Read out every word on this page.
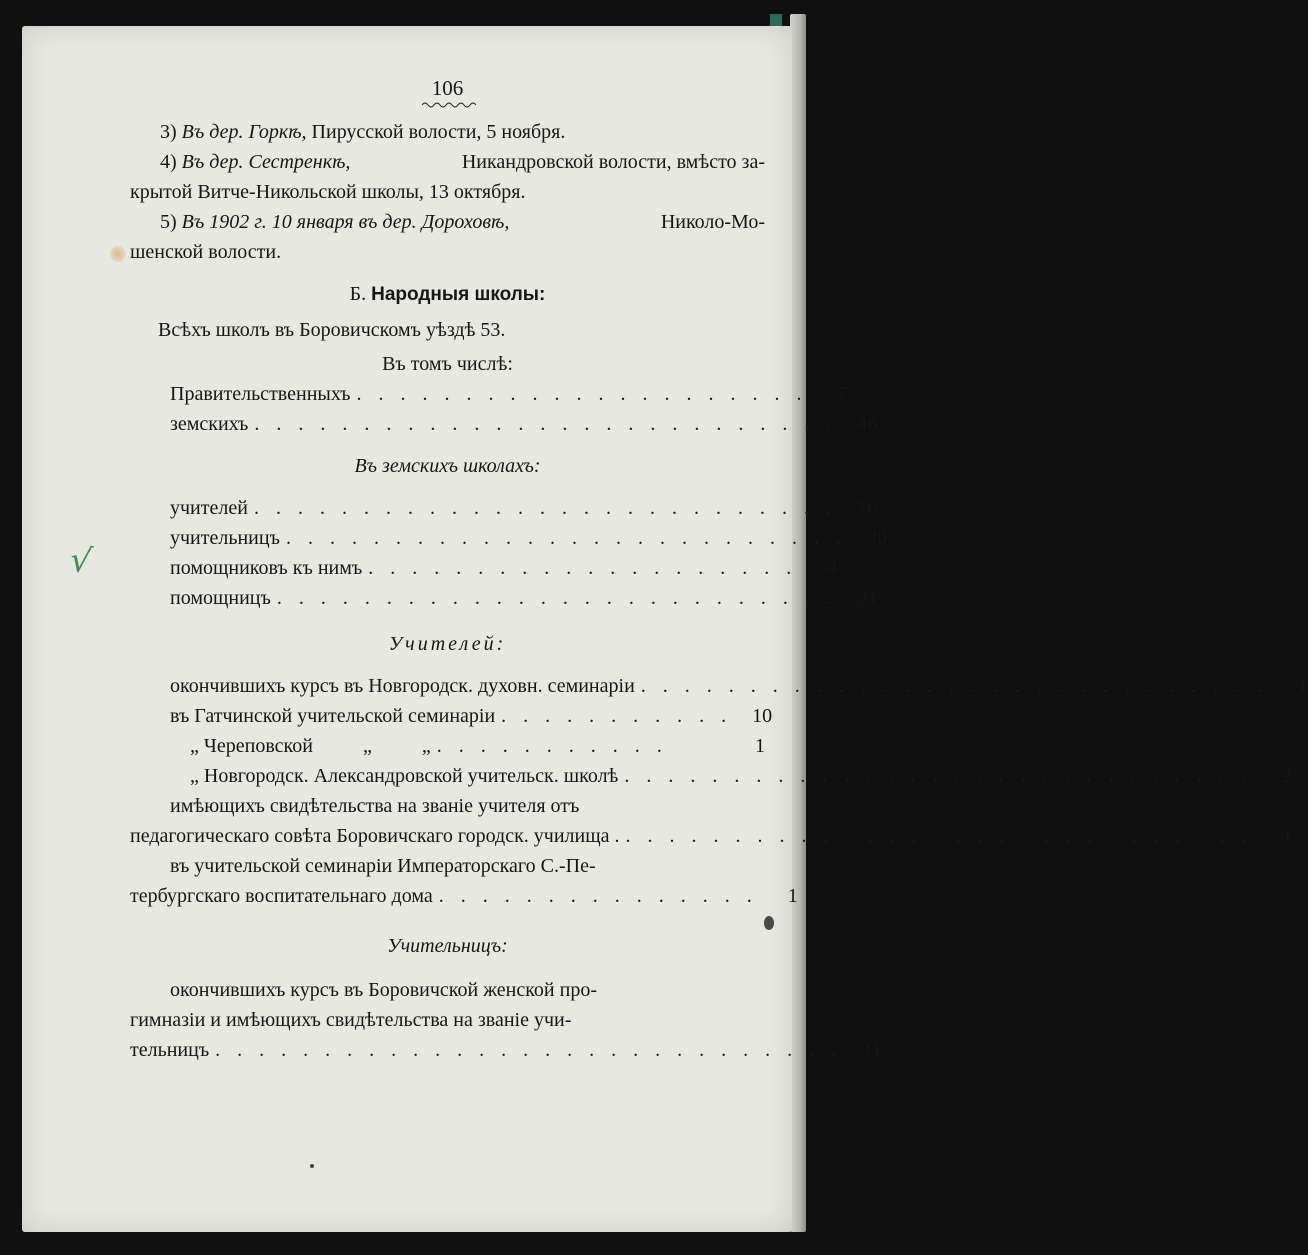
√
106
3) Въ дер. Горкѣ, Пирусской волости, 5 ноября.
4) Въ дер. Сестренкѣ,	Никандровской волости, вмѣсто за-
крытой Витче-Никольской школы, 13 октября.
5) Въ 1902 г. 10 января въ дер. Дороховѣ,	Николо-Мо-
шенской волости.
Б. Народныя школы:
Всѣхъ школъ въ Боровичскомъ уѣздѣ 53.
Въ томъ числѣ:
Правительственныхъ . . . . . . . . . . . . . . . . . . . . .	7
земскихъ . . . . . . . . . . . . . . . . . . . . . . . . . . .	46
Въ земскихъ школахъ:
учителей . . . . . . . . . . . . . . . . . . . . . . . . . . .	16
учительницъ . . . . . . . . . . . . . . . . . . . . . . . . . .	30
помощниковъ къ нимъ . . . . . . . . . . . . . . . . . . . .	4
помощницъ . . . . . . . . . . . . . . . . . . . . . . . . . .	21
Учителей:
окончившихъ курсъ въ Новгородск. духовн. семинаріи . . . . . . . . . . . . . . . . . . . . . . . . . . . . .	1
въ Гатчинской учительской семинаріи . . . . . . . . . . .	10
„ Череповской          „          „ . . . . . . . . . . .	1
„ Новгородск. Александровской учительск. школѣ . . . . . . . . . . . . . . . . . . . . . . . . . . . . .	2
имѣющихъ свидѣтельства на званіе учителя отъ
педагогическаго совѣта Боровичскаго городск. училища . . . . . . . . . . . . . . . . . . . . . . . . . . . . . .	1
въ учительской семинаріи Императорскаго С.-Пе-
тербургскаго воспитательнаго дома . . . . . . . . . . . . . . .	1
Учительницъ:
окончившихъ курсъ въ Боровичской женской про-
гимназіи и имѣющихъ свидѣтельства на званіе учи-
тельницъ . . . . . . . . . . . . . . . . . . . . . . . . . . . . .	11
